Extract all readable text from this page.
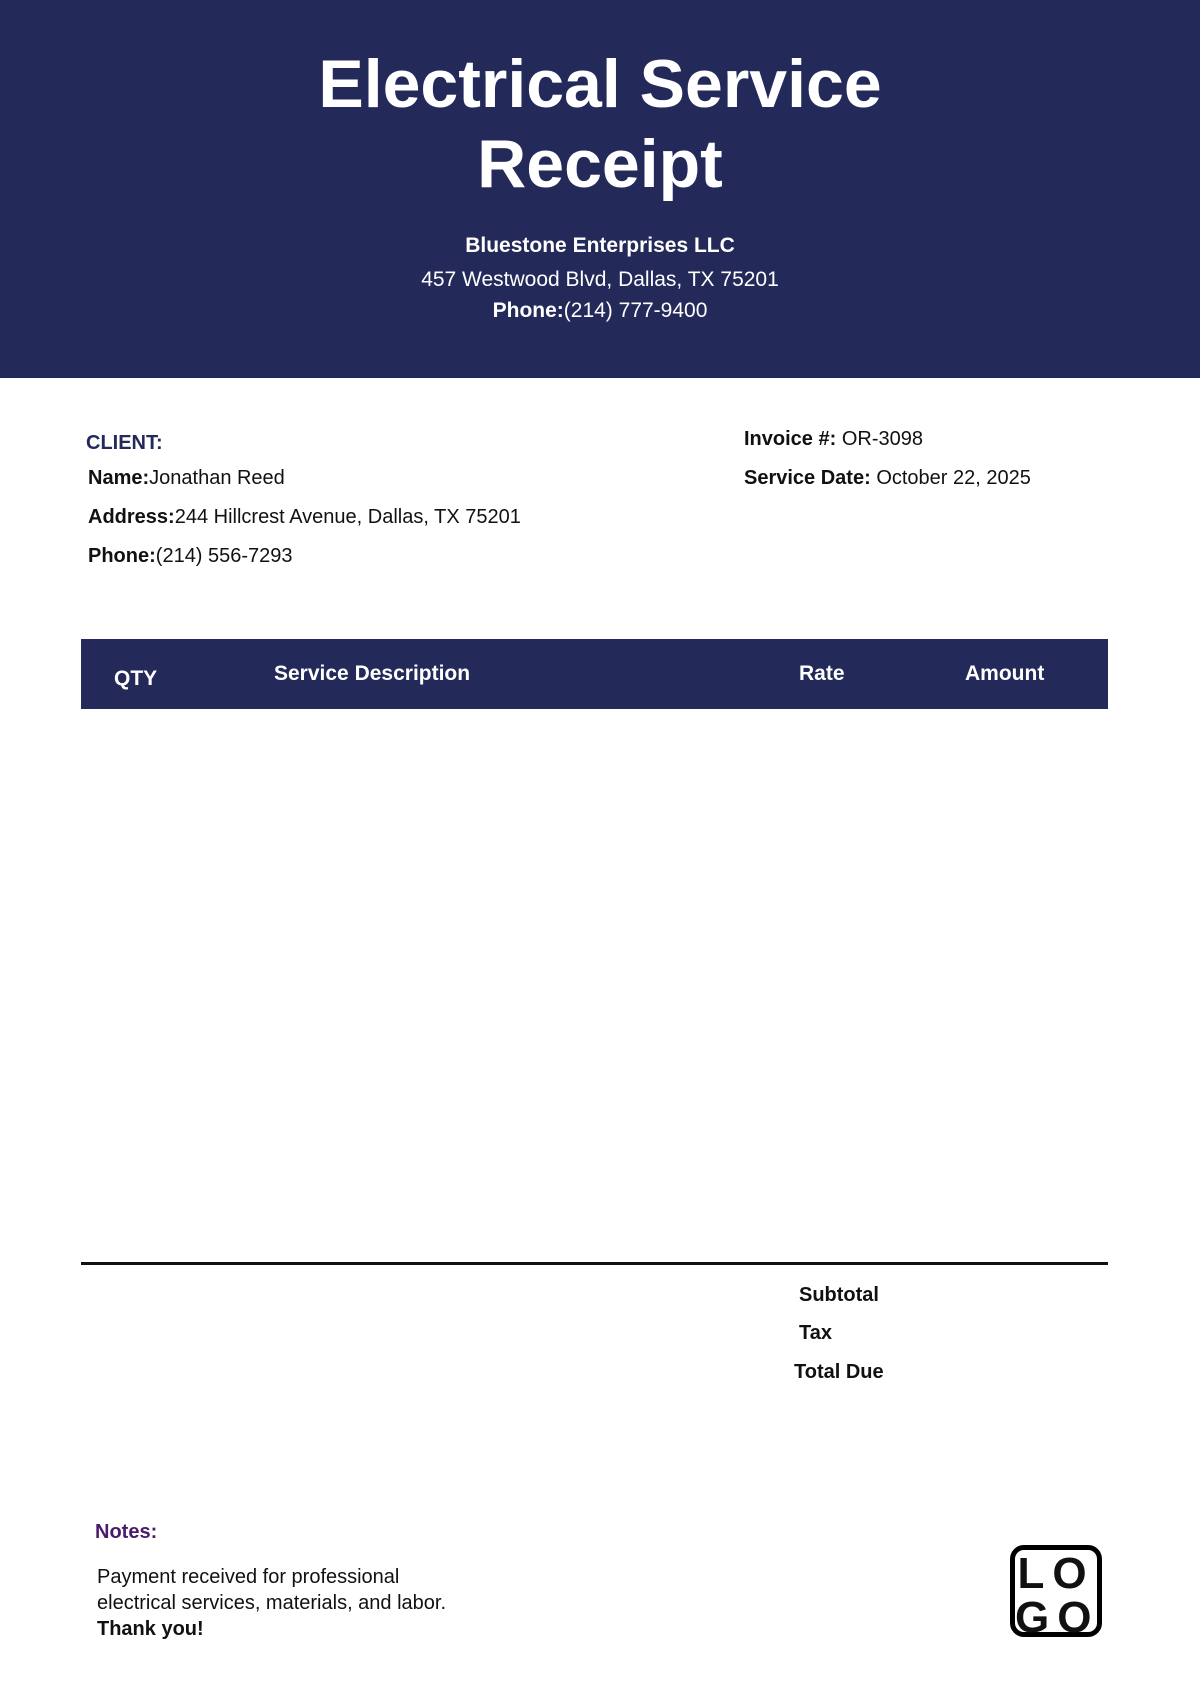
Electrical Service
Receipt
Bluestone Enterprises LLC
457 Westwood Blvd, Dallas, TX 75201
Phone:(214) 777-9400
CLIENT:
Name:Jonathan Reed
Address:244 Hillcrest Avenue, Dallas, TX 75201
Phone:(214) 556-7293
Invoice #: OR-3098
Service Date: October 22, 2025
QTY	Service Description	Rate	Amount
Subtotal
Tax
Total Due
Notes:
Payment received for professional
electrical services, materials, and labor.
Thank you!
LO
GO
